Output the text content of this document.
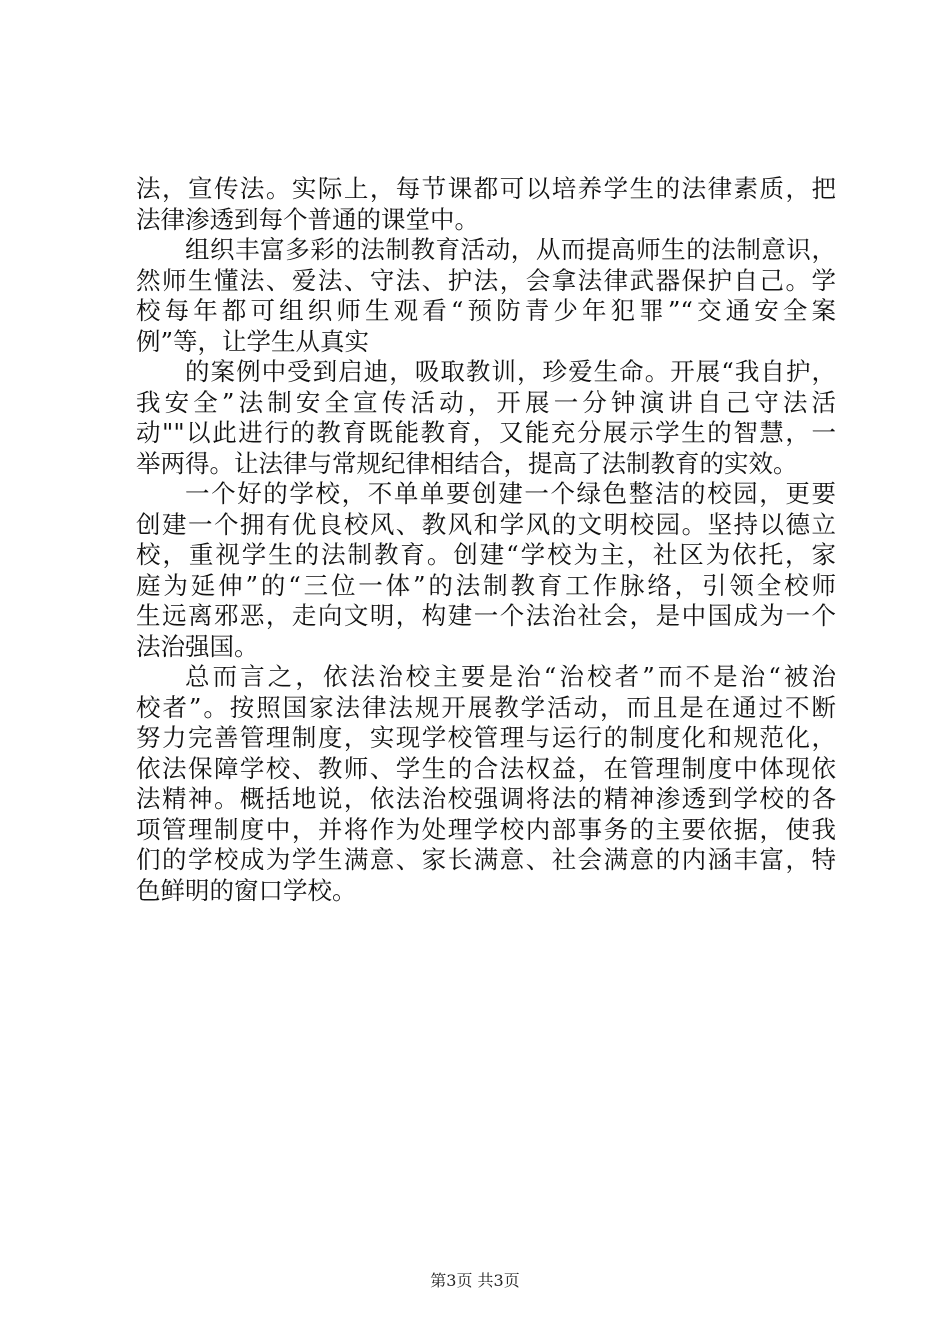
法，宣传法。实际上，每节课都可以培养学生的法律素质，把
法律渗透到每个普通的课堂中。
组织丰富多彩的法制教育活动，从而提高师生的法制意识，
然师生懂法、爱法、守法、护法，会拿法律武器保护自己。学
校每年都可组织师生观看“预防青少年犯罪”“交通安全案
例”等，让学生从真实
的案例中受到启迪，吸取教训，珍爱生命。开展“我自护，
我安全”法制安全宣传活动，开展一分钟演讲自己守法活
动""以此进行的教育既能教育，又能充分展示学生的智慧，一
举两得。让法律与常规纪律相结合，提高了法制教育的实效。
一个好的学校，不单单要创建一个绿色整洁的校园，更要
创建一个拥有优良校风、教风和学风的文明校园。坚持以德立
校，重视学生的法制教育。创建“学校为主，社区为依托，家
庭为延伸”的“三位一体”的法制教育工作脉络，引领全校师
生远离邪恶，走向文明，构建一个法治社会，是中国成为一个
法治强国。
总而言之，依法治校主要是治“治校者”而不是治“被治
校者”。按照国家法律法规开展教学活动，而且是在通过不断
努力完善管理制度，实现学校管理与运行的制度化和规范化，
依法保障学校、教师、学生的合法权益，在管理制度中体现依
法精神。概括地说，依法治校强调将法的精神渗透到学校的各
项管理制度中，并将作为处理学校内部事务的主要依据，使我
们的学校成为学生满意、家长满意、社会满意的内涵丰富，特
色鲜明的窗口学校。
第3页 共3页
